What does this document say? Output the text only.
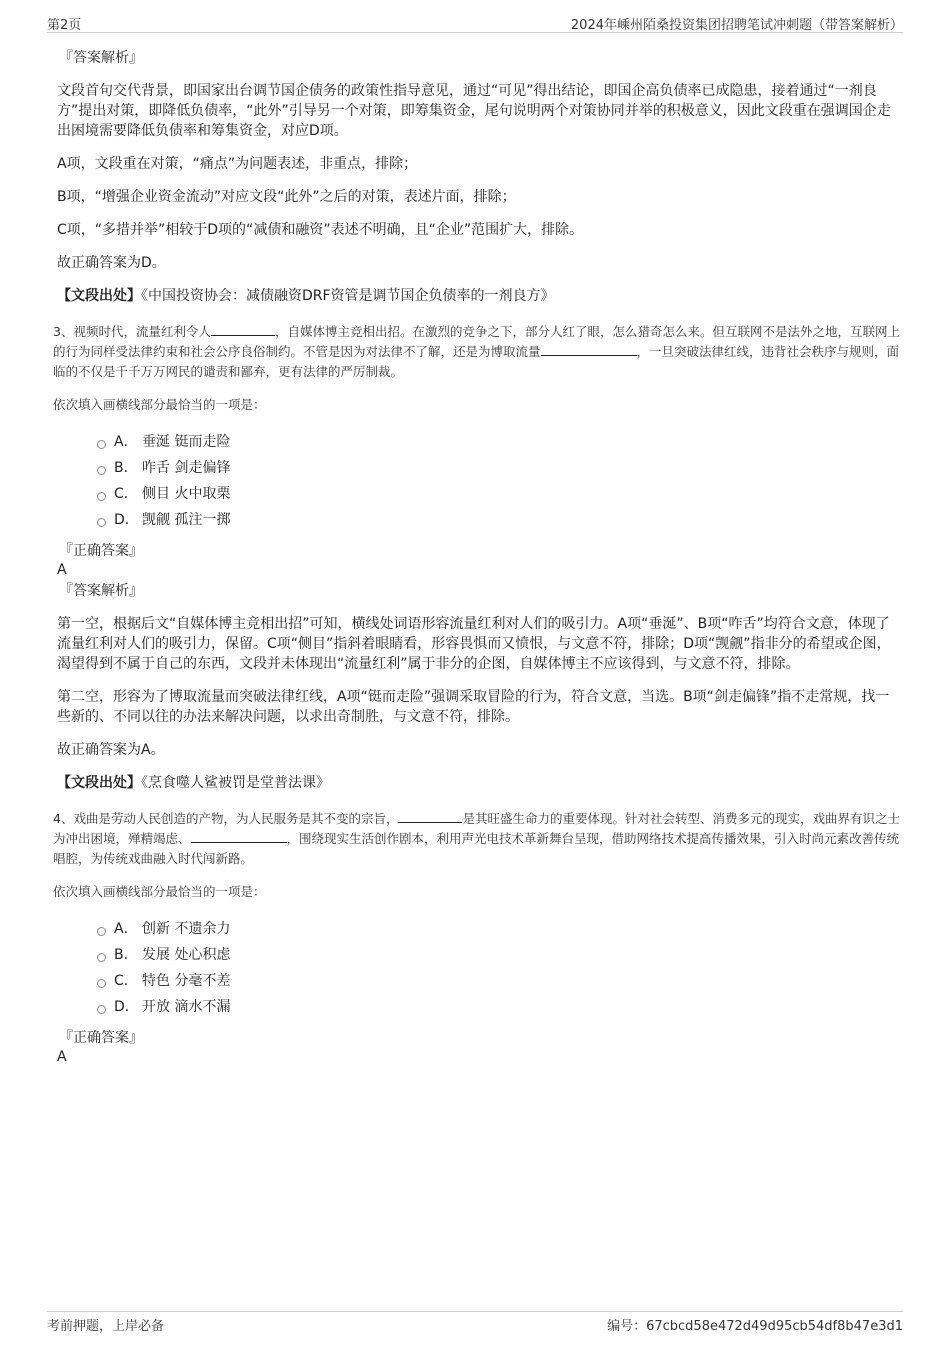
第2页	2024年嵊州陌桑投资集团招聘笔试冲刺题（带答案解析）
『答案解析』

文段首句交代背景，即国家出台调节国企债务的政策性指导意见，通过“可见”得出结论，即国企高负债率已成隐患，接着通过“一剂良方”提出对策，即降低负债率，“此外”引导另一个对策，即筹集资金，尾句说明两个对策协同并举的积极意义，因此文段重在强调国企走出困境需要降低负债率和筹集资金，对应D项。

A项，文段重在对策，“痛点”为问题表述，非重点，排除；

B项，“增强企业资金流动”对应文段“此外”之后的对策，表述片面，排除；

C项，“多措并举”相较于D项的“减债和融资”表述不明确，且“企业”范围扩大，排除。

故正确答案为D。

【文段出处】《中国投资协会：减债融资DRF资管是调节国企负债率的一剂良方》

3、视频时代，流量红利令人	，自媒体博主竞相出招。在激烈的竞争之下，部分人红了眼，怎么猎奇怎么来。但互联网不是法外之地，互联网上的行为同样受法律约束和社会公序良俗制约。不管是因为对法律不了解，还是为博取流量	，一旦突破法律红线，违背社会秩序与规则，面临的不仅是千千万万网民的谴责和鄙弃，更有法律的严厉制裁。

依次填入画横线部分最恰当的一项是：

A． 垂涎 铤而走险
B． 咋舌 剑走偏锋
C． 侧目 火中取栗
D． 觊觎 孤注一掷
『正确答案』
A
『答案解析』

第一空，根据后文“自媒体博主竞相出招”可知，横线处词语形容流量红利对人们的吸引力。A项“垂涎”、B项“咋舌”均符合文意，体现了流量红利对人们的吸引力，保留。C项“侧目”指斜着眼睛看，形容畏惧而又愤恨，与文意不符，排除；D项“觊觎”指非分的希望或企图，渴望得到不属于自己的东西，文段并未体现出“流量红利”属于非分的企图，自媒体博主不应该得到，与文意不符，排除。

第二空，形容为了博取流量而突破法律红线，A项“铤而走险”强调采取冒险的行为，符合文意，当选。B项“剑走偏锋”指不走常规，找一些新的、不同以往的办法来解决问题，以求出奇制胜，与文意不符，排除。

故正确答案为A。

【文段出处】《烹食噬人鲨被罚是堂普法课》

4、戏曲是劳动人民创造的产物，为人民服务是其不变的宗旨，	是其旺盛生命力的重要体现。针对社会转型、消费多元的现实，戏曲界有识之士为冲出困境，殚精竭虑、	，围绕现实生活创作剧本，利用声光电技术革新舞台呈现，借助网络技术提高传播效果，引入时尚元素改善传统唱腔，为传统戏曲融入时代闯新路。

依次填入画横线部分最恰当的一项是：

A． 创新 不遗余力
B． 发展 处心积虑
C． 特色 分毫不差
D． 开放 滴水不漏
『正确答案』
A
考前押题，上岸必备	编号：67cbcd58e472d49d95cb54df8b47e3d1
